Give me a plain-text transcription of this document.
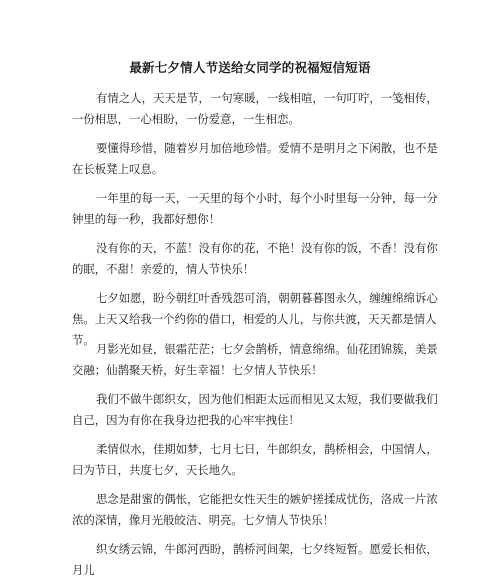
最新七夕情人节送给女同学的祝福短信短语
有情之人，天天是节，一句寒暖，一线相喧，一句叮咛，一笺相传，一份相思，一心相盼，一份爱意，一生相恋。
要懂得珍惜，随着岁月加倍地珍惜。爱情不是明月之下闲散，也不是在长板凳上叹息。
一年里的每一天，一天里的每个小时，每个小时里每一分钟，每一分钟里的每一秒，我都好想你！
没有你的天，不蓝！没有你的花，不艳！没有你的饭，不香！没有你的眠，不甜！亲爱的，情人节快乐！
七夕如愿，盼今朝红叶香残怨可消，朝朝暮暮图永久，缠缠绵绵诉心焦。上天又给我一个约你的借口，相爱的人儿，与你共渡，天天都是情人节。
月影光如昼，银霜茫茫；七夕会鹊桥，情意绵绵。仙花团锦簇，美景交融；仙鹊聚天桥，好生幸福！七夕情人节快乐！
我们不做牛郎织女，因为他们相距太远而相见又太短，我们要做我们自己，因为有你在我身边把我的心牢牢拽住！
柔情似水，佳期如梦，七月七日，牛郎织女，鹊桥相会，中国情人，曰为节日，共度七夕，天长地久。
思念是甜蜜的偶怅，它能把女性天生的嫉妒搓揉成忧伤，洛成一片浓浓的深情，像月光般皎洁、明亮。七夕情人节快乐！
织女绣云锦，牛郎河西盼，鹊桥河间架，七夕终短暂。愿爱长相依，月儿
